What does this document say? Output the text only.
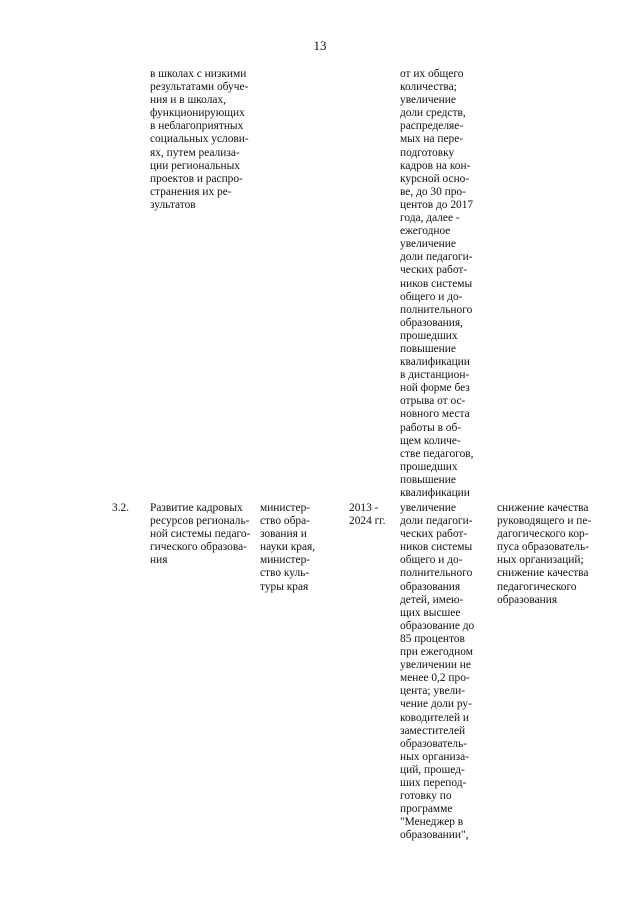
13
в школах с низкими
результатами обуче-
ния и в школах,
функционирующих
в неблагоприятных
социальных услови-
ях, путем реализа-
ции региональных
проектов и распро-
странения их ре-
зультатов
от их общего
количества;
увеличение
доли средств,
распределяе-
мых на пере-
подготовку
кадров на кон-
курсной осно-
ве, до 30 про-
центов до 2017
года, далее -
ежегодное
увеличение
доли педагоги-
ческих работ-
ников системы
общего и до-
полнительного
образования,
прошедших
повышение
квалификации
в дистанцион-
ной форме без
отрыва от ос-
новного места
работы в об-
щем количе-
стве педагогов,
прошедших
повышение
квалификации
3.2.	Развитие кадровых
ресурсов региональ-
ной системы педаго-
гического образова-
ния
министер-
ство обра-
зования и
науки края,
министер-
ство куль-
туры края
2013 -
2024 гг.
увеличение
доли педагоги-
ческих работ-
ников системы
общего и до-
полнительного
образования
детей, имею-
щих высшее
образование до
85 процентов
при ежегодном
увеличении не
менее 0,2 про-
цента; увели-
чение доли ру-
ководителей и
заместителей
образователь-
ных организа-
ций, прошед-
ших перепод-
готовку по
программе
"Менеджер в
образовании",
снижение качества
руководящего и пе-
дагогического кор-
пуса образователь-
ных организаций;
снижение качества
педагогического
образования
